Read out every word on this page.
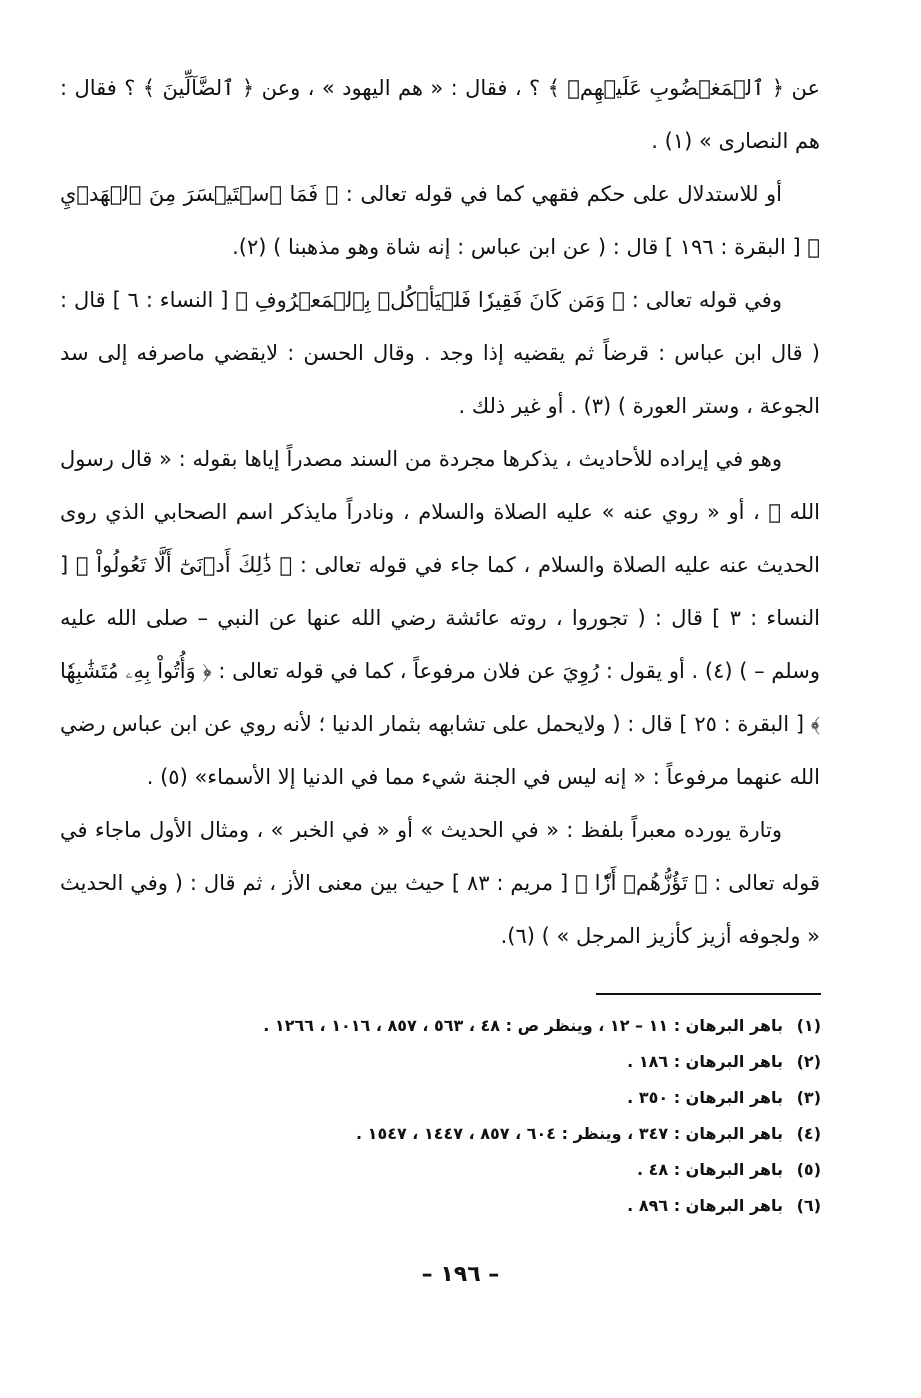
عن ﴿ ٱلۡمَغۡضُوبِ عَلَيۡهِمۡ ﴾ ؟ ، فقال : « هم اليهود » ، وعن ﴿ ٱلضَّآلِّينَ ﴾ ؟ فقال : هم النصارى » (١) .

أو للاستدلال على حكم فقهي كما في قوله تعالى : ﴿ فَمَا ٱسۡتَيۡسَرَ مِنَ ٱلۡهَدۡيِ ﴾ [ البقرة : ١٩٦ ] قال : ( عن ابن عباس : إنه شاة وهو مذهبنا ) (٢).

وفي قوله تعالى : ﴿ وَمَن كَانَ فَقِيرٗا فَلۡيَأۡكُلۡ بِٱلۡمَعۡرُوفِ ﴾ [ النساء : ٦ ] قال : ( قال ابن عباس : قرضاً ثم يقضيه إذا وجد . وقال الحسن : لايقضي ماصرفه إلى سد الجوعة ، وستر العورة ) (٣) . أو غير ذلك .

وهو في إيراده للأحاديث ، يذكرها مجردة من السند مصدراً إياها بقوله : « قال رسول الله ﷺ ، أو « روي عنه » عليه الصلاة والسلام ، ونادراً مايذكر اسم الصحابي الذي روى الحديث عنه عليه الصلاة والسلام ، كما جاء في قوله تعالى : ﴿ ذَٰلِكَ أَدۡنَىٰٓ أَلَّا تَعُولُواْ ﴾ [ النساء : ٣ ] قال : ( تجوروا ، روته عائشة رضي الله عنها عن النبي – صلى الله عليه وسلم – ) (٤) . أو يقول : رُوِيَ عن فلان مرفوعاً ، كما في قوله تعالى : ﴿ وَأُتُواْ بِهِۦ مُتَشَٰبِهٗا ﴾ [ البقرة : ٢٥ ] قال : ( ولايحمل على تشابهه بثمار الدنيا ؛ لأنه روي عن ابن عباس رضي الله عنهما مرفوعاً : « إنه ليس في الجنة شيء مما في الدنيا إلا الأسماء» (٥) .

وتارة يورده معبراً بلفظ : « في الحديث » أو « في الخبر » ، ومثال الأول ماجاء في قوله تعالى : ﴿ تَؤُزُّهُمۡ أَزّٗا ﴾ [ مريم : ٨٣ ] حيث بين معنى الأز ، ثم قال : ( وفي الحديث « ولجوفه أزيز كأزيز المرجل » ) (٦).

(١) باهر البرهان : ١١ – ١٢ ، وينظر ص : ٤٨ ، ٥٦٣ ، ٨٥٧ ، ١٠١٦ ، ١٢٦٦ .
(٢) باهر البرهان : ١٨٦ .
(٣) باهر البرهان : ٣٥٠ .
(٤) باهر البرهان : ٣٤٧ ، وينظر : ٦٠٤ ، ٨٥٧ ، ١٤٤٧ ، ١٥٤٧ .
(٥) باهر البرهان : ٤٨ .
(٦) باهر البرهان : ٨٩٦ .
– ١٩٦ –
